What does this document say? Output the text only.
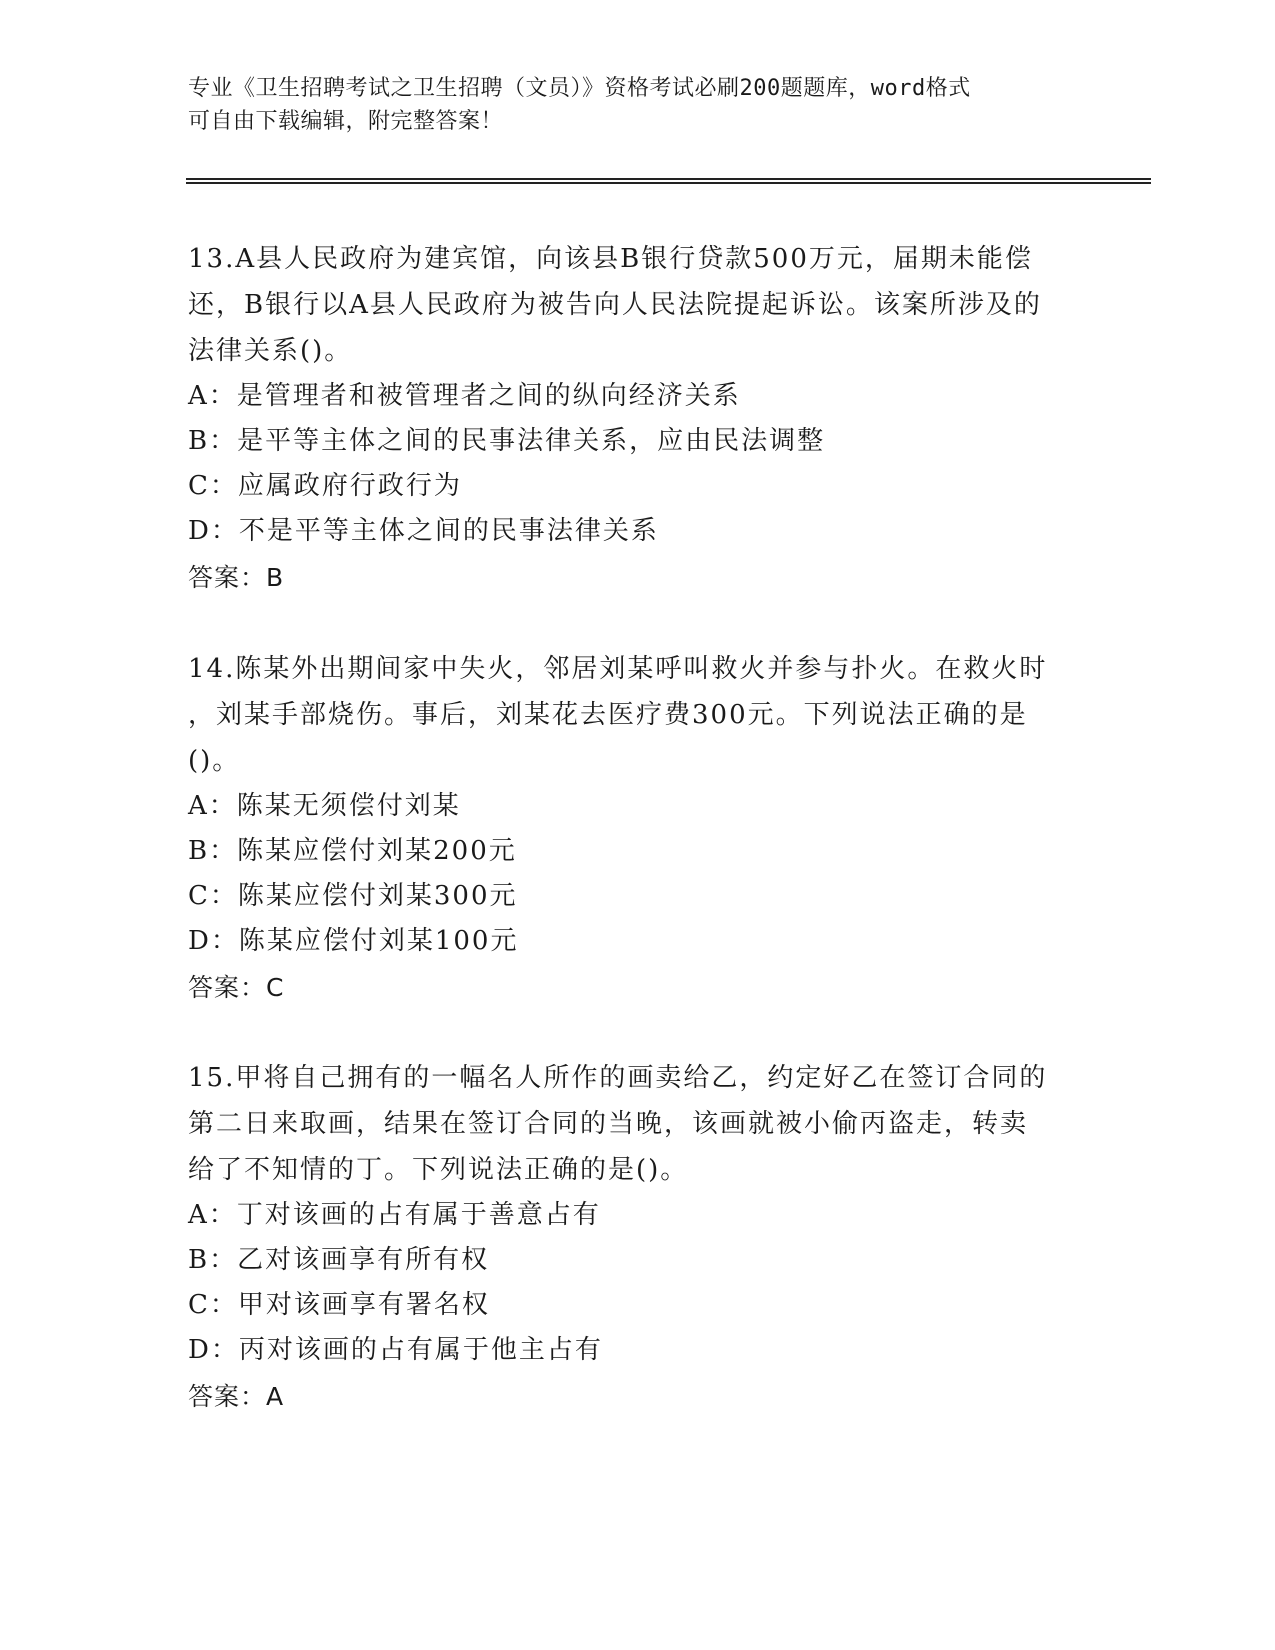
专业《卫生招聘考试之卫生招聘（文员）》资格考试必刷200题题库，word格式
可自由下载编辑，附完整答案！

13.A县人民政府为建宾馆，向该县B银行贷款500万元，届期未能偿

还，B银行以A县人民政府为被告向人民法院提起诉讼。该案所涉及的

法律关系()。

A：是管理者和被管理者之间的纵向经济关系

B：是平等主体之间的民事法律关系，应由民法调整

C：应属政府行政行为

D：不是平等主体之间的民事法律关系

答案：B

14.陈某外出期间家中失火，邻居刘某呼叫救火并参与扑火。在救火时

，刘某手部烧伤。事后，刘某花去医疗费300元。下列说法正确的是

()。

A：陈某无须偿付刘某

B：陈某应偿付刘某200元

C：陈某应偿付刘某300元

D：陈某应偿付刘某100元

答案：C

15.甲将自己拥有的一幅名人所作的画卖给乙，约定好乙在签订合同的

第二日来取画，结果在签订合同的当晚，该画就被小偷丙盗走，转卖

给了不知情的丁。下列说法正确的是()。

A：丁对该画的占有属于善意占有

B：乙对该画享有所有权

C：甲对该画享有署名权

D：丙对该画的占有属于他主占有

答案：A
